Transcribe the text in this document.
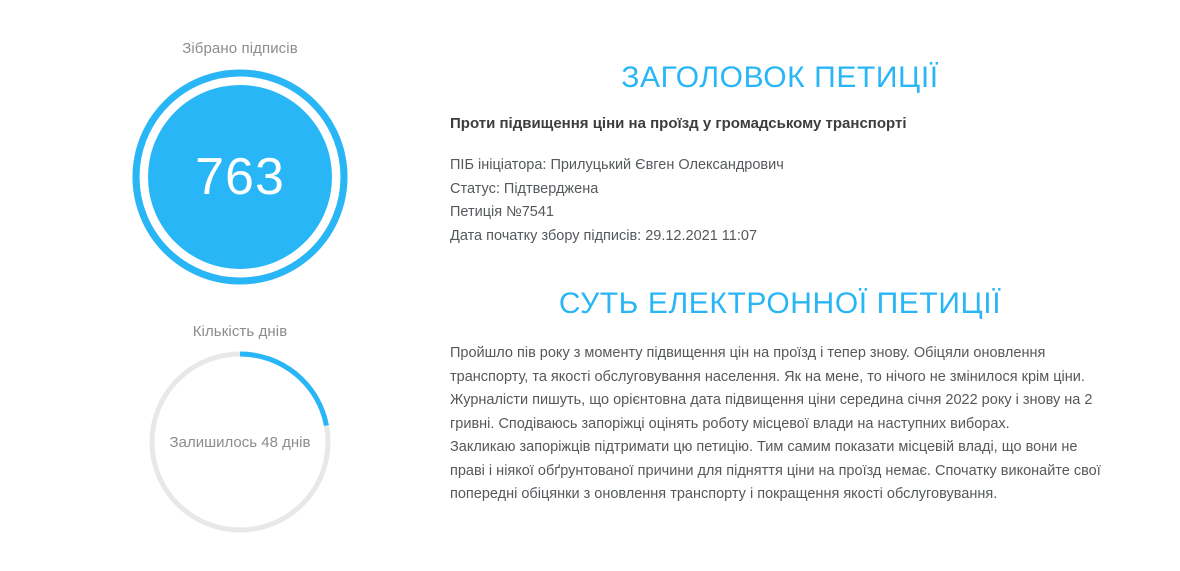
Зібрано підписів
763
Кількість днів
Залишилось 48 днів
ЗАГОЛОВОК ПЕТИЦІЇ
Проти підвищення ціни на проїзд у громадському транспорті
ПІБ ініціатора: Прилуцький Євген Олександрович
Статус: Підтверджена
Петиція №7541
Дата початку збору підписів: 29.12.2021 11:07
СУТЬ ЕЛЕКТРОННОЇ ПЕТИЦІЇ

Пройшло пів року з моменту підвищення цін на проїзд і тепер знову. Обіцяли оновлення транспорту, та якості обслуговування населення. Як на мене, то нічого не змінилося крім ціни. Журналісти пишуть, що орієнтовна дата підвищення ціни середина січня 2022 року і знову на 2 гривні. Сподіваюсь запоріжці оцінять роботу місцевої влади на наступних виборах.

Закликаю запоріжців підтримати цю петицію. Тим самим показати місцевій владі, що вони не праві і ніякої обґрунтованої причини для підняття ціни на проїзд немає. Спочатку виконайте свої попередні обіцянки з оновлення транспорту і покращення якості обслуговування.
